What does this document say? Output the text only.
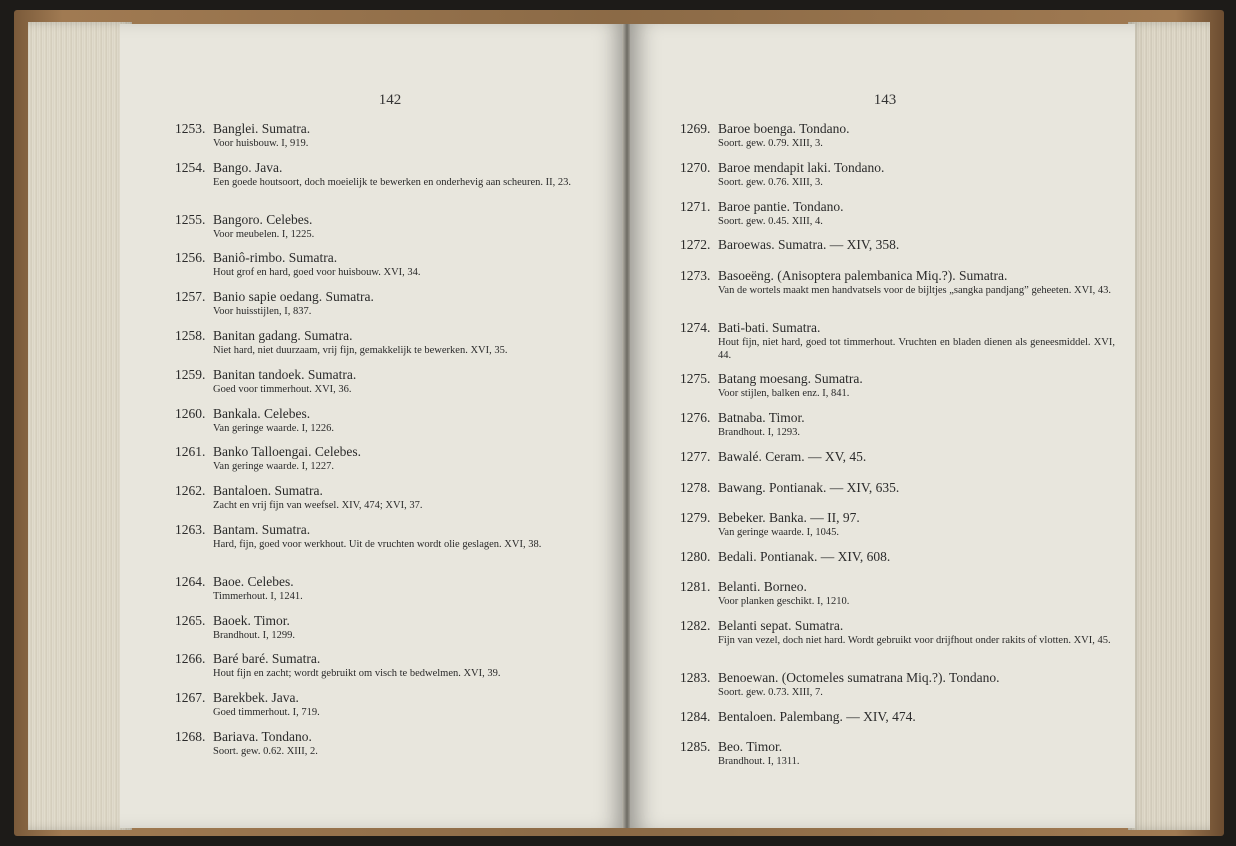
142
1253. Banglei. Sumatra.
Voor huisbouw. I, 919.
1254. Bango. Java.
Een goede houtsoort, doch moeielijk te bewerken en onderhevig aan scheuren. II, 23.
1255. Bangoro. Celebes.
Voor meubelen. I, 1225.
1256. Baniô-rimbo. Sumatra.
Hout grof en hard, goed voor huisbouw. XVI, 34.
1257. Banio sapie oedang. Sumatra.
Voor huisstijlen, I, 837.
1258. Banitan gadang. Sumatra.
Niet hard, niet duurzaam, vrij fijn, gemakkelijk te bewerken. XVI, 35.
1259. Banitan tandoek. Sumatra.
Goed voor timmerhout. XVI, 36.
1260. Bankala. Celebes.
Van geringe waarde. I, 1226.
1261. Banko Talloengai. Celebes.
Van geringe waarde. I, 1227.
1262. Bantaloen. Sumatra.
Zacht en vrij fijn van weefsel. XIV, 474; XVI, 37.
1263. Bantam. Sumatra.
Hard, fijn, goed voor werkhout. Uit de vruchten wordt olie geslagen. XVI, 38.
1264. Baoe. Celebes.
Timmerhout. I, 1241.
1265. Baoek. Timor.
Brandhout. I, 1299.
1266. Baré baré. Sumatra.
Hout fijn en zacht; wordt gebruikt om visch te bedwelmen. XVI, 39.
1267. Barekbek. Java.
Goed timmerhout. I, 719.
1268. Bariava. Tondano.
Soort. gew. 0.62. XIII, 2.
143
1269. Baroe boenga. Tondano.
Soort. gew. 0.79. XIII, 3.
1270. Baroe mendapit laki. Tondano.
Soort. gew. 0.76. XIII, 3.
1271. Baroe pantie. Tondano.
Soort. gew. 0.45. XIII, 4.
1272. Baroewas. Sumatra. — XIV, 358.
1273. Basoeëng. (Anisoptera palembanica Miq.?). Sumatra.
Van de wortels maakt men handvatsels voor de bijltjes „sangka pandjang” geheeten. XVI, 43.
1274. Bati-bati. Sumatra.
Hout fijn, niet hard, goed tot timmerhout. Vruchten en bladen dienen als geneesmiddel. XVI, 44.
1275. Batang moesang. Sumatra.
Voor stijlen, balken enz. I, 841.
1276. Batnaba. Timor.
Brandhout. I, 1293.
1277. Bawalé. Ceram. — XV, 45.
1278. Bawang. Pontianak. — XIV, 635.
1279. Bebeker. Banka. — II, 97.
Van geringe waarde. I, 1045.
1280. Bedali. Pontianak. — XIV, 608.
1281. Belanti. Borneo.
Voor planken geschikt. I, 1210.
1282. Belanti sepat. Sumatra.
Fijn van vezel, doch niet hard. Wordt gebruikt voor drijfhout onder rakits of vlotten. XVI, 45.
1283. Benoewan. (Octomeles sumatrana Miq.?). Tondano.
Soort. gew. 0.73. XIII, 7.
1284. Bentaloen. Palembang. — XIV, 474.
1285. Beo. Timor.
Brandhout. I, 1311.
